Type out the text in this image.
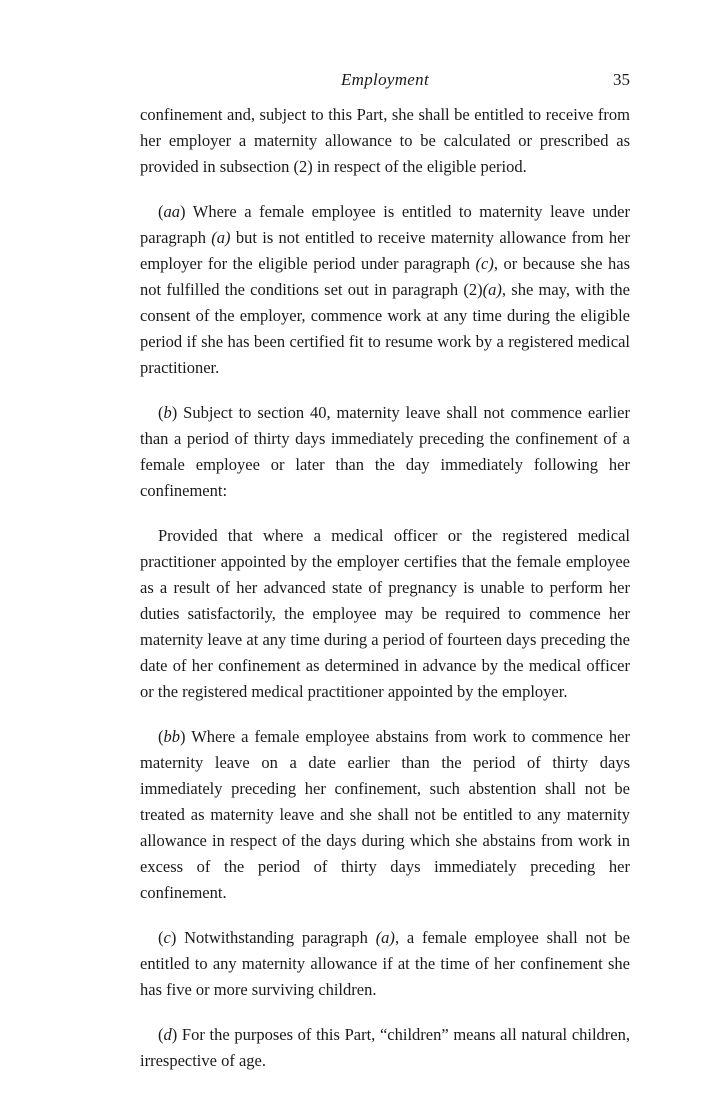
Employment	35

confinement and, subject to this Part, she shall be entitled to receive from her employer a maternity allowance to be calculated or prescribed as provided in subsection (2) in respect of the eligible period.

(aa) Where a female employee is entitled to maternity leave under paragraph (a) but is not entitled to receive maternity allowance from her employer for the eligible period under paragraph (c), or because she has not fulfilled the conditions set out in paragraph (2)(a), she may, with the consent of the employer, commence work at any time during the eligible period if she has been certified fit to resume work by a registered medical practitioner.

(b) Subject to section 40, maternity leave shall not commence earlier than a period of thirty days immediately preceding the confinement of a female employee or later than the day immediately following her confinement:

Provided that where a medical officer or the registered medical practitioner appointed by the employer certifies that the female employee as a result of her advanced state of pregnancy is unable to perform her duties satisfactorily, the employee may be required to commence her maternity leave at any time during a period of fourteen days preceding the date of her confinement as determined in advance by the medical officer or the registered medical practitioner appointed by the employer.

(bb) Where a female employee abstains from work to commence her maternity leave on a date earlier than the period of thirty days immediately preceding her confinement, such abstention shall not be treated as maternity leave and she shall not be entitled to any maternity allowance in respect of the days during which she abstains from work in excess of the period of thirty days immediately preceding her confinement.

(c) Notwithstanding paragraph (a), a female employee shall not be entitled to any maternity allowance if at the time of her confinement she has five or more surviving children.

(d) For the purposes of this Part, “children” means all natural children, irrespective of age.
